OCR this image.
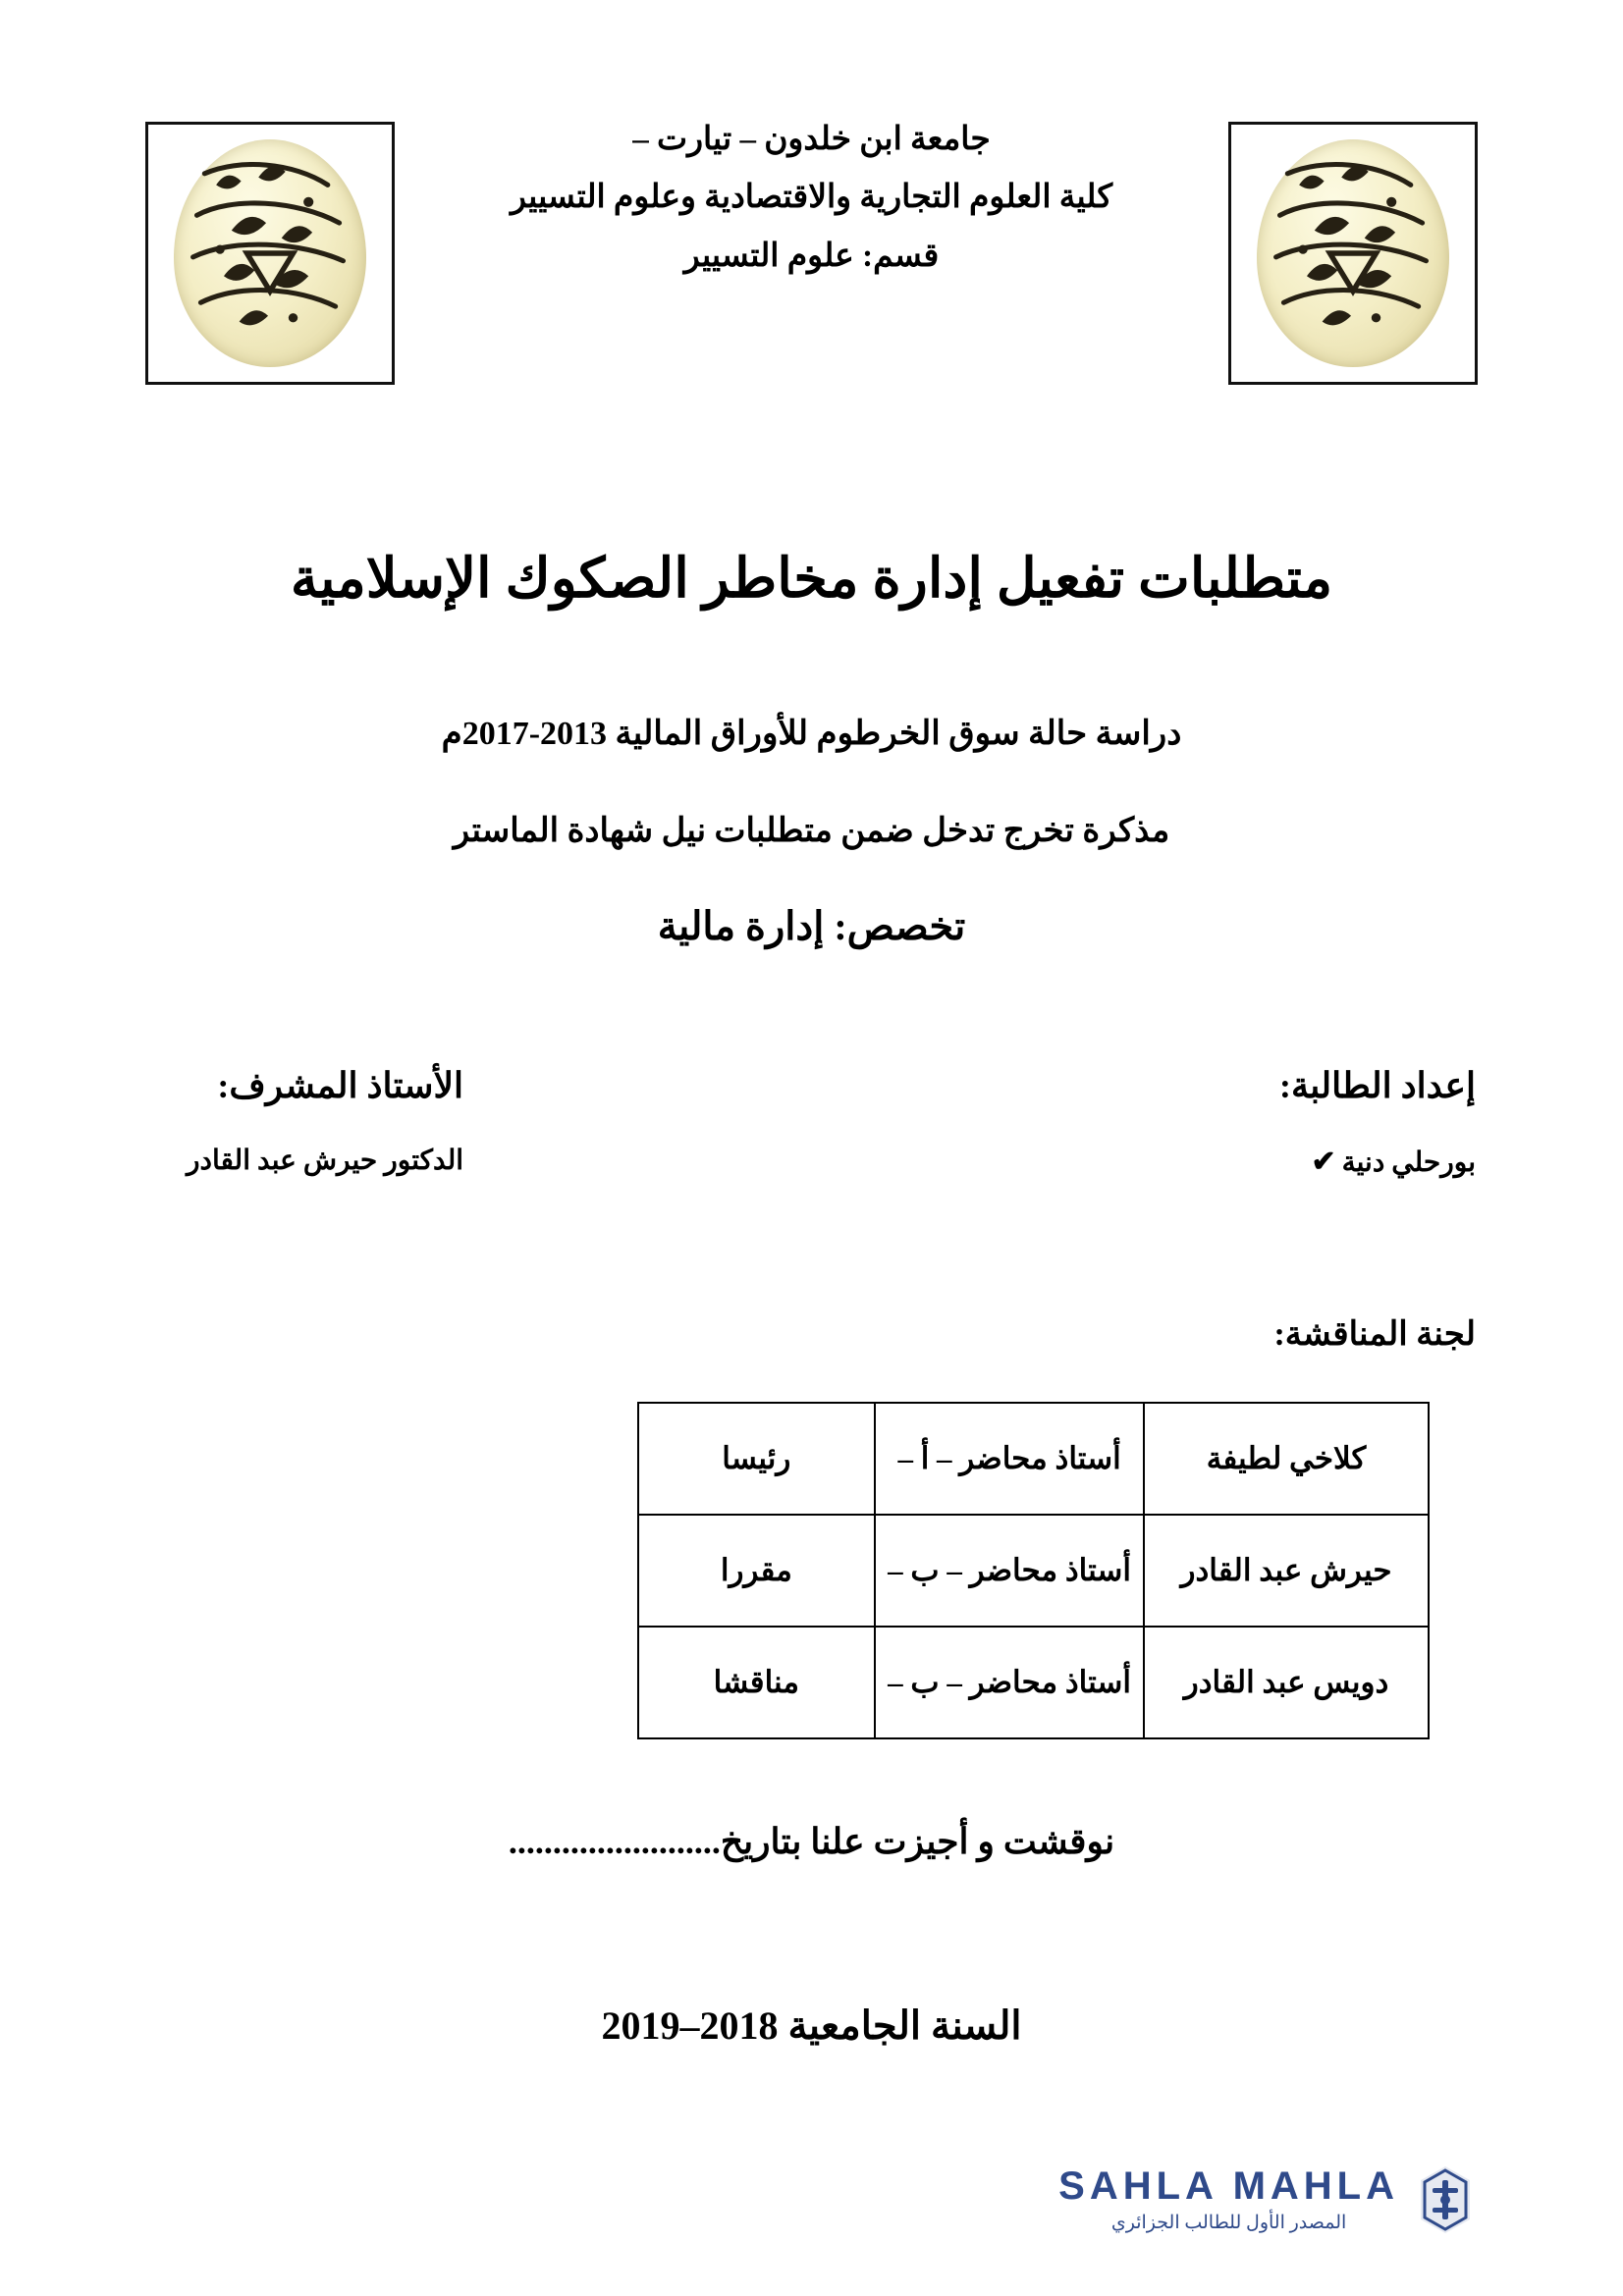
جامعة ابن خلدون – تيارت –
كلية العلوم التجارية والاقتصادية وعلوم التسيير
قسم: علوم التسيير
متطلبات تفعيل إدارة مخاطر الصكوك الإسلامية
دراسة حالة سوق الخرطوم للأوراق المالية 2013-2017م
مذكرة تخرج تدخل ضمن متطلبات نيل شهادة الماستر
تخصص: إدارة مالية
إعداد الطالبة:
بورحلي دنية✔
الأستاذ المشرف:
الدكتور حيرش عبد القادر
لجنة المناقشة:
كلاخي لطيفة	أستاذ محاضر – أ –	رئيسا
حيرش عبد القادر	أستاذ محاضر – ب –	مقررا
دويس عبد القادر	أستاذ محاضر – ب –	مناقشا
نوقشت و أجيزت علنا بتاريخ........................
السنة الجامعية 2018–2019
SAHLA MAHLA
المصدر الأول للطالب الجزائري
